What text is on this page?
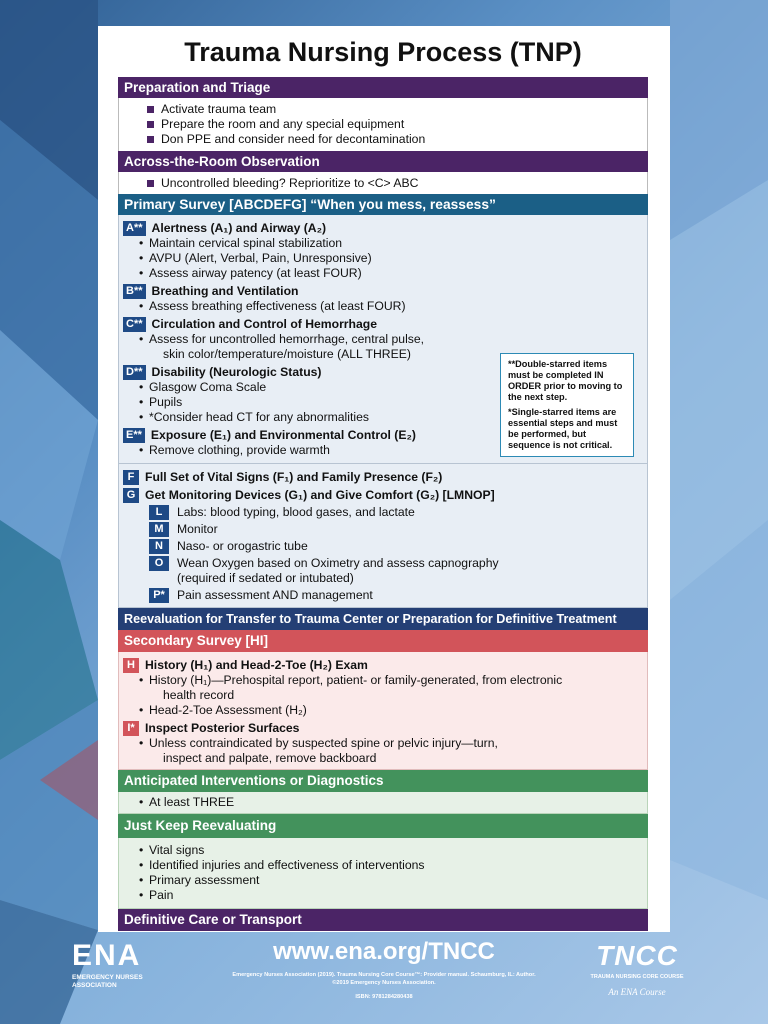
Trauma Nursing Process (TNP)
Preparation and Triage
Activate trauma team
Prepare the room and any special equipment
Don PPE and consider need for decontamination
Across-the-Room Observation
Uncontrolled bleeding? Reprioritize to <C> ABC
Primary Survey [ABCDEFG] “When you mess, reassess”
A** Alertness (A₁) and Airway (A₂)
• Maintain cervical spinal stabilization
• AVPU (Alert, Verbal, Pain, Unresponsive)
• Assess airway patency (at least FOUR)
B** Breathing and Ventilation
• Assess breathing effectiveness (at least FOUR)
C** Circulation and Control of Hemorrhage
• Assess for uncontrolled hemorrhage, central pulse,
skin color/temperature/moisture (ALL THREE)
D** Disability (Neurologic Status)
• Glasgow Coma Scale
• Pupils
• *Consider head CT for any abnormalities
E** Exposure (E₁) and Environmental Control (E₂)
• Remove clothing, provide warmth

**Double-starred items must be completed IN ORDER prior to moving to the next step.

*Single-starred items are essential steps and must be performed, but sequence is not critical.

F Full Set of Vital Signs (F₁) and Family Presence (F₂)
G Get Monitoring Devices (G₁) and Give Comfort (G₂) [LMNOP]
L	Labs: blood typing, blood gases, and lactate
M	Monitor
N	Naso- or orogastric tube
O	Wean Oxygen based on Oximetry and assess capnography
(required if sedated or intubated)
P* Pain assessment AND management
Reevaluation for Transfer to Trauma Center or Preparation for Definitive Treatment
Secondary Survey [HI]
H History (H₁) and Head-2-Toe (H₂) Exam
• History (H₁)—Prehospital report, patient- or family-generated, from electronic
health record
• Head-2-Toe Assessment (H₂)
I* Inspect Posterior Surfaces
• Unless contraindicated by suspected spine or pelvic injury—turn,
inspect and palpate, remove backboard
Anticipated Interventions or Diagnostics
• At least THREE
Just Keep Reevaluating
• Vital signs
• Identified injuries and effectiveness of interventions
• Primary assessment
• Pain
Definitive Care or Transport
ENA
EMERGENCY NURSES
ASSOCIATION
www.ena.org/TNCC
Emergency Nurses Association (2019). Trauma Nursing Core Course™: Provider manual. Schaumburg, IL: Author.
©2019 Emergency Nurses Association.
ISBN: 9781284280438
TNCC
TRAUMA NURSING CORE COURSE
An ENA Course
